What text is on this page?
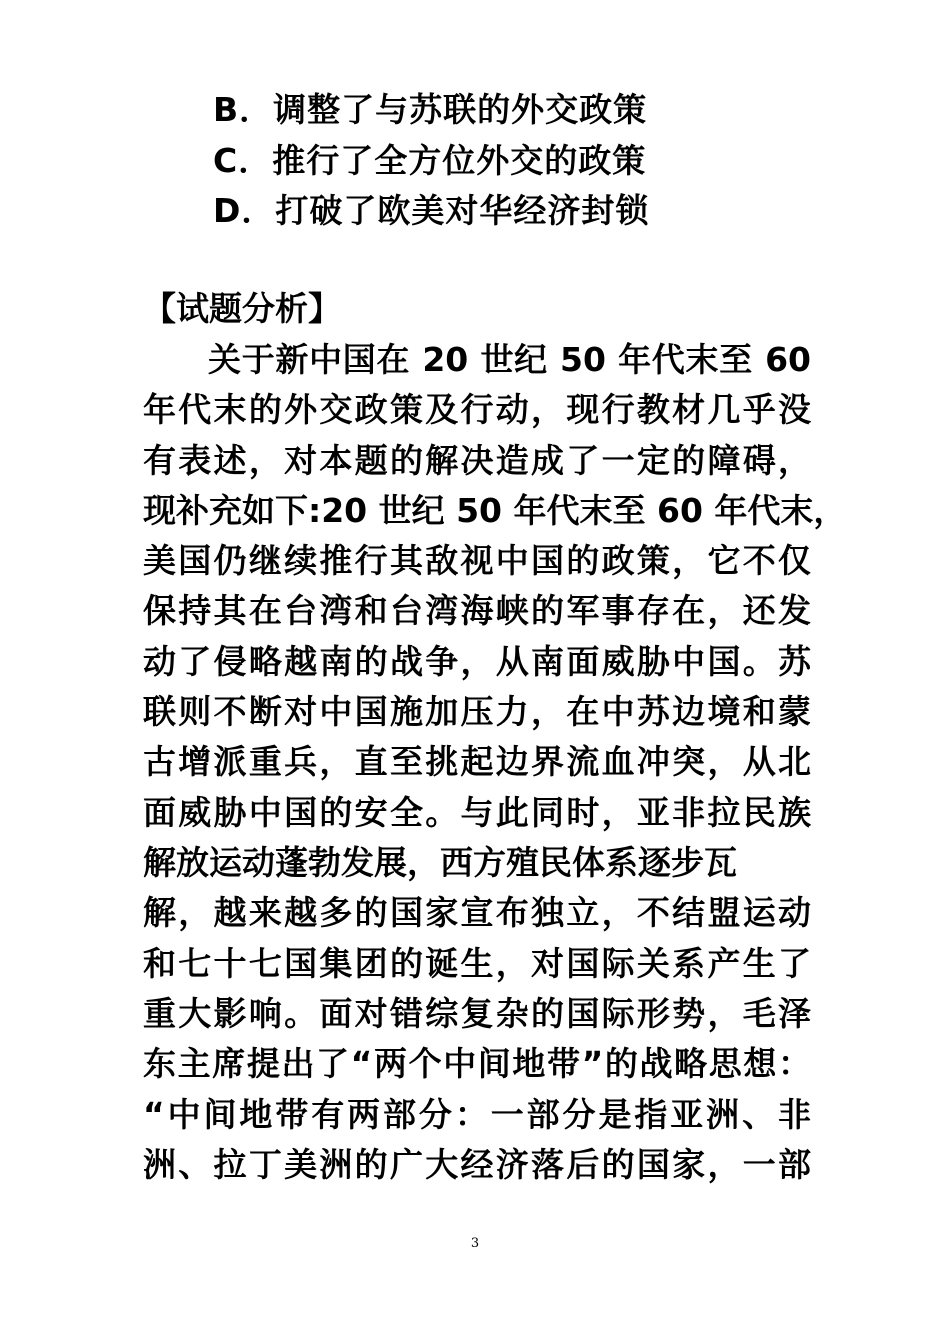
B．调整了与苏联的外交政策
C．推行了全方位外交的政策
D．打破了欧美对华经济封锁
【试题分析】
关于新中国在 20 世纪 50 年代末至 60
年代末的外交政策及行动，现行教材几乎没
有表述，对本题的解决造成了一定的障碍，
现补充如下:20 世纪 50 年代末至 60 年代末，
美国仍继续推行其敌视中国的政策，它不仅
保持其在台湾和台湾海峡的军事存在，还发
动了侵略越南的战争，从南面威胁中国。苏
联则不断对中国施加压力，在中苏边境和蒙
古增派重兵，直至挑起边界流血冲突，从北
面威胁中国的安全。与此同时，亚非拉民族
解放运动蓬勃发展，西方殖民体系逐步瓦
解，越来越多的国家宣布独立，不结盟运动
和七十七国集团的诞生，对国际关系产生了
重大影响。面对错综复杂的国际形势，毛泽
东主席提出了“两个中间地带”的战略思想：
“中间地带有两部分：一部分是指亚洲、非
洲、拉丁美洲的广大经济落后的国家，一部
3
